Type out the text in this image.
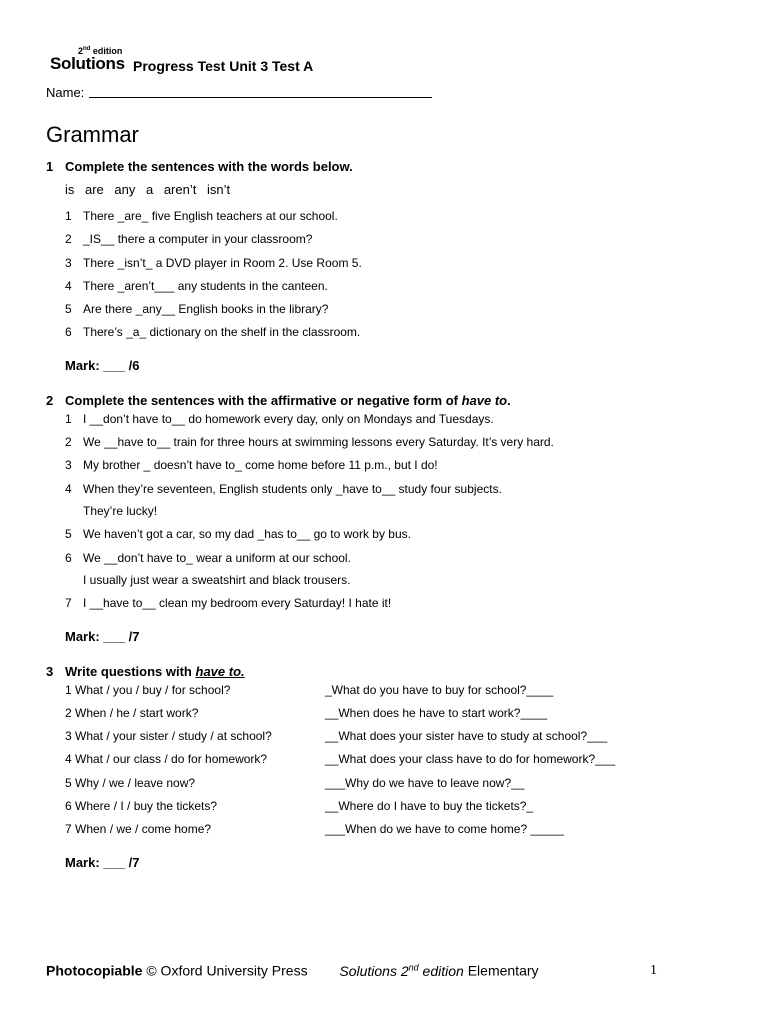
2nd edition
Solutions Progress Test Unit 3 Test A
Name:
Grammar
1 Complete the sentences with the words below.
is are any a aren’t isn’t
1 There _are_ five English teachers at our school.
2 _IS__ there a computer in your classroom?
3 There _isn’t_ a DVD player in Room 2. Use Room 5.
4 There _aren’t___ any students in the canteen.
5 Are there _any__ English books in the library?
6 There’s _a_ dictionary on the shelf in the classroom.
Mark: ___ /6
2 Complete the sentences with the affirmative or negative form of have to.
1 I __don’t have to__ do homework every day, only on Mondays and Tuesdays.
2 We __have to__ train for three hours at swimming lessons every Saturday. It’s very hard.
3 My brother _ doesn’t have to_ come home before 11 p.m., but I do!
4 When they’re seventeen, English students only _have to__ study four subjects.
They’re lucky!
5 We haven’t got a car, so my dad _has to__ go to work by bus.
6 We __don’t have to_ wear a uniform at our school.
I usually just wear a sweatshirt and black trousers.
7 I __have to__ clean my bedroom every Saturday! I hate it!
Mark: ___ /7
3 Write questions with have to.
1 What / you / buy / for school?	_What do you have to buy for school?____
2 When / he / start work?	__When does he have to start work?____
3 What / your sister / study / at school?	__What does your sister have to study at school?___
4 What / our class / do for homework?	__What does your class have to do for homework?___
5 Why / we / leave now?	___Why do we have to leave now?__
6 Where / I / buy the tickets?	__Where do I have to buy the tickets?_
7 When / we / come home?	___When do we have to come home? _____
Mark: ___ /7
Photocopiable © Oxford University Press Solutions 2nd edition Elementary	1
